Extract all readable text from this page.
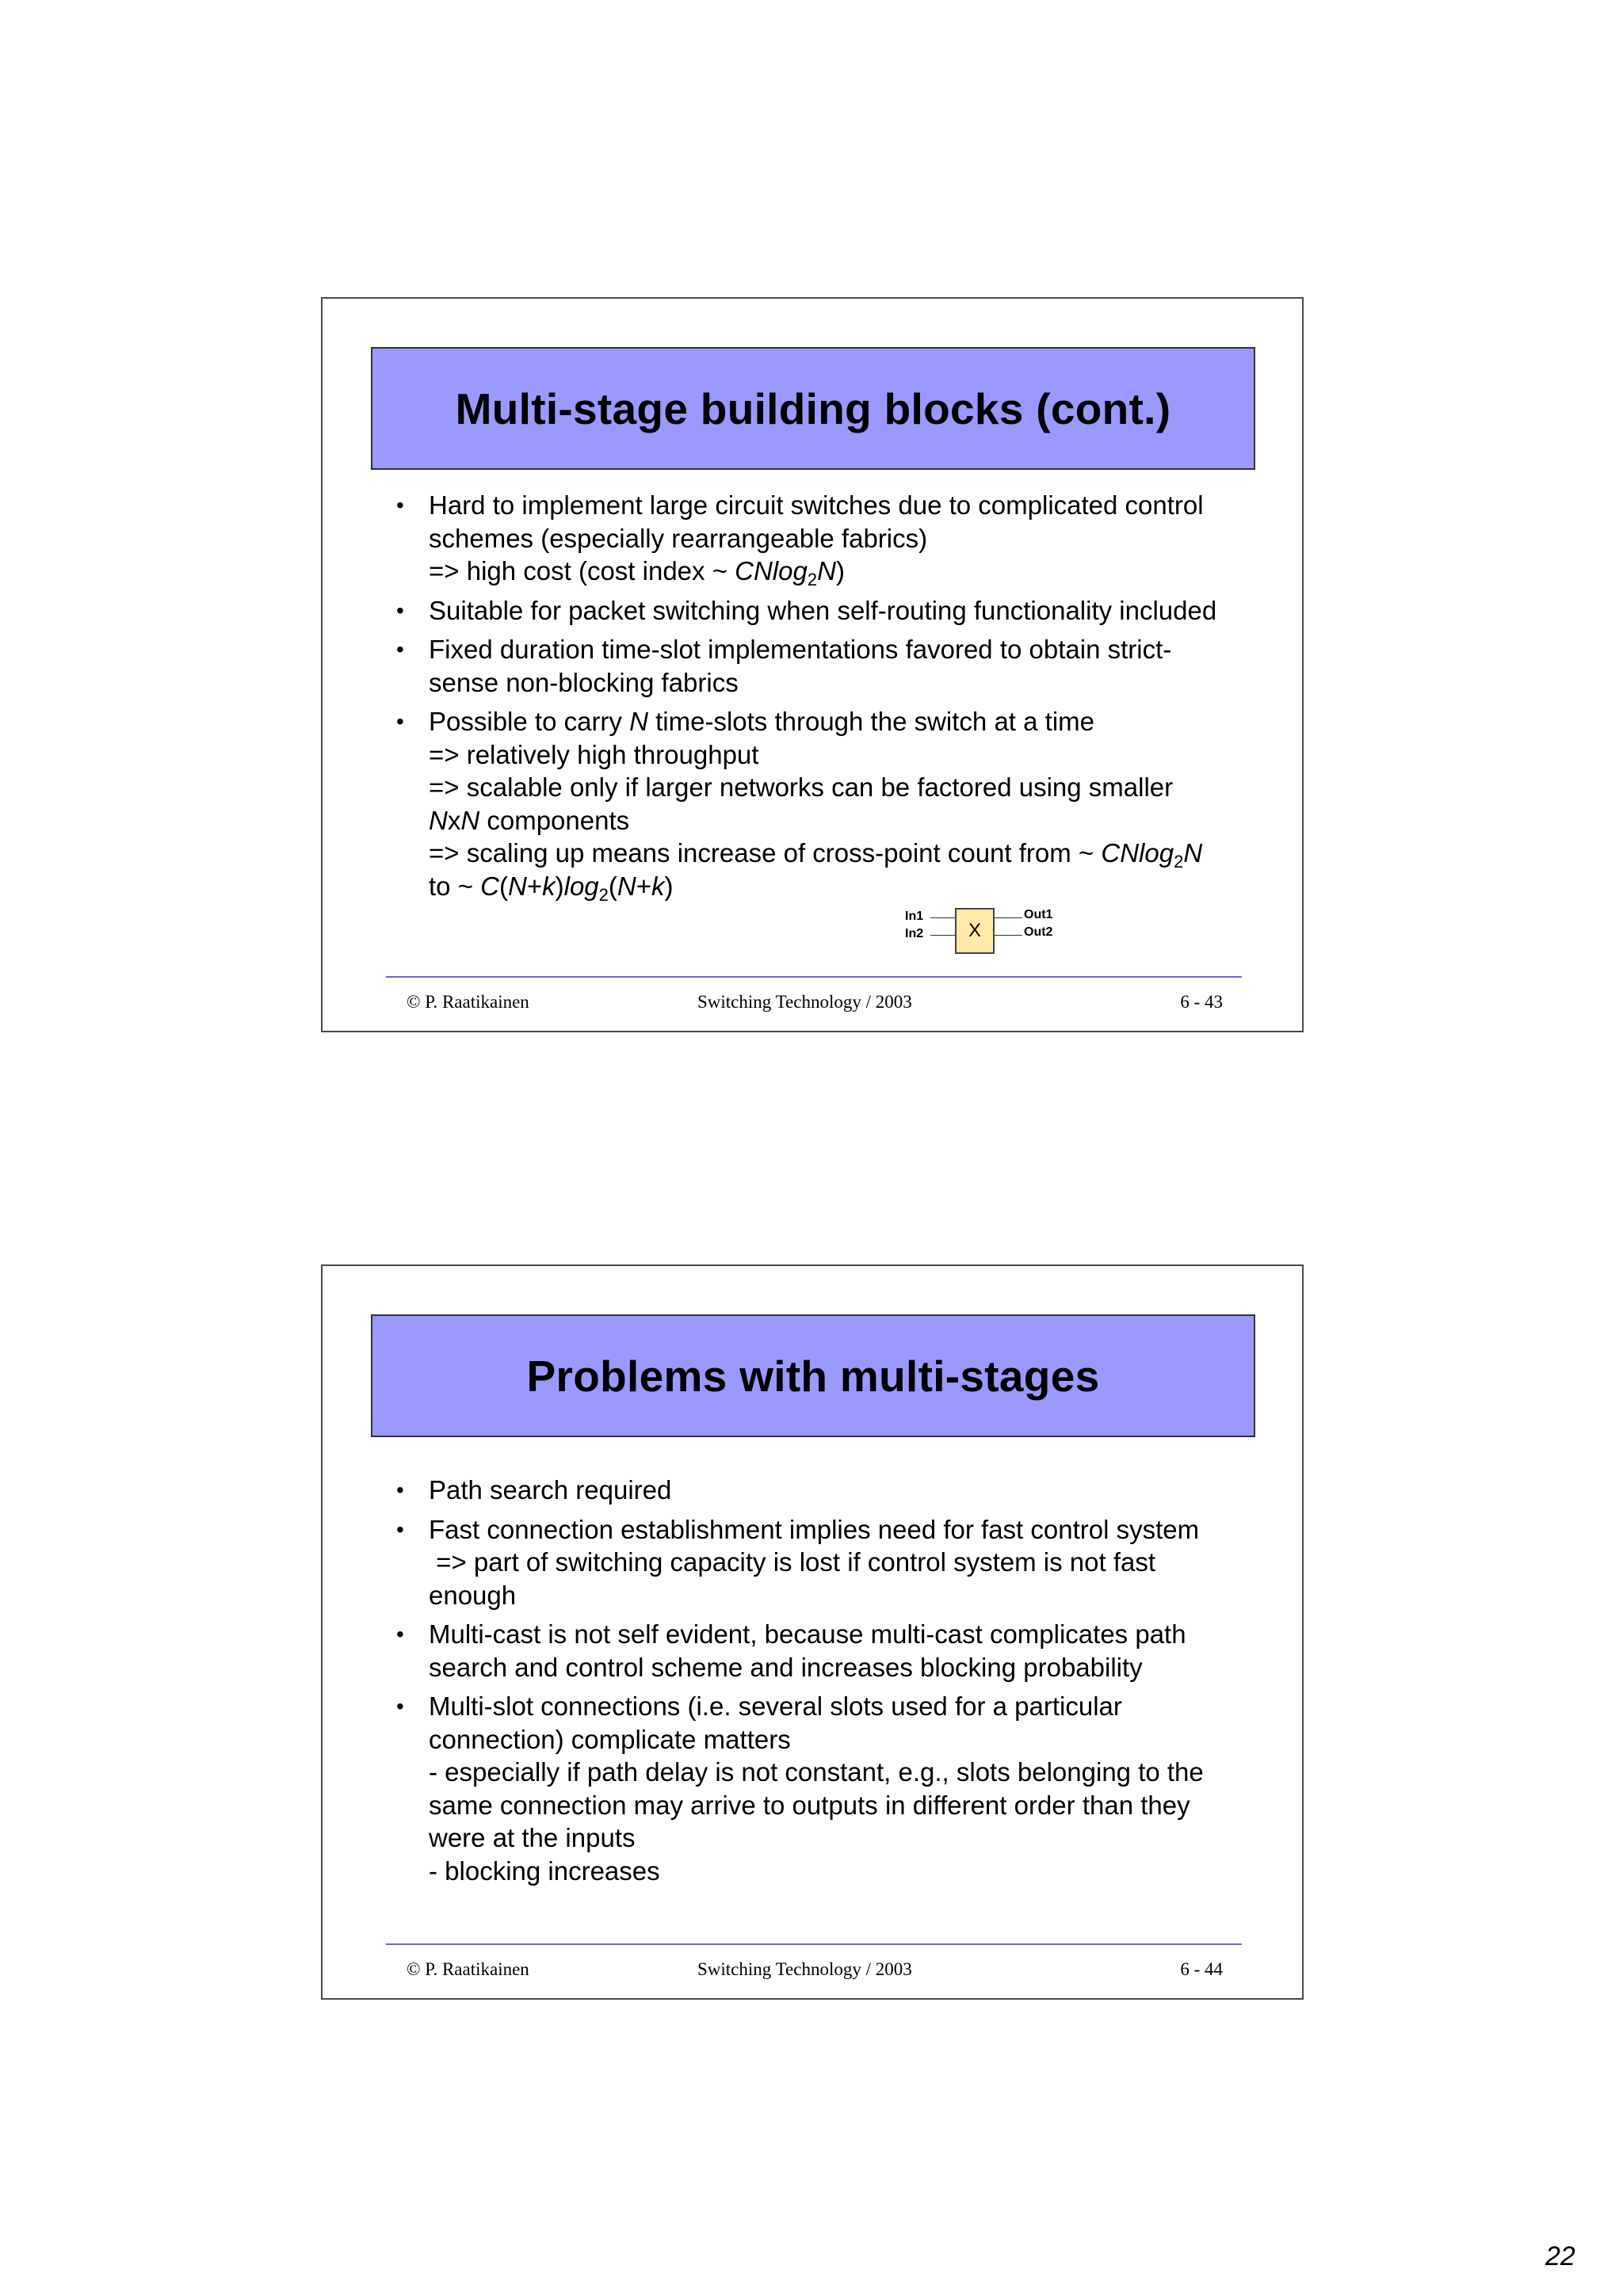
Multi-stage building blocks (cont.)
• Hard to implement large circuit switches due to complicated control
schemes (especially rearrangeable fabrics)
=> high cost (cost index ~ CNlog$_2$N)
• Suitable for packet switching when self-routing functionality included
• Fixed duration time-slot implementations favored to obtain strict-
sense non-blocking fabrics
• Possible to carry N time-slots through the switch at a time
=> relatively high throughput
=> scalable only if larger networks can be factored using smaller
NxN components
=> scaling up means increase of cross-point count from ~ CNlog$_2$N
to ~ $C(N+k)\log_2(N+k)$
In1
In2 X
Out1
Out2
© P. Raatikainen	Switching Technology / 2003	6 - 43
Problems with multi-stages
• Path search required
• Fast connection establishment implies need for fast control system
=> part of switching capacity is lost if control system is not fast
enough
• Multi-cast is not self evident, because multi-cast complicates path
search and control scheme and increases blocking probability
• Multi-slot connections (i.e. several slots used for a particular
connection) complicate matters
- especially if path delay is not constant, e.g., slots belonging to the
same connection may arrive to outputs in different order than they
were at the inputs
- blocking increases
© P. Raatikainen	Switching Technology / 2003	6 - 44
22
